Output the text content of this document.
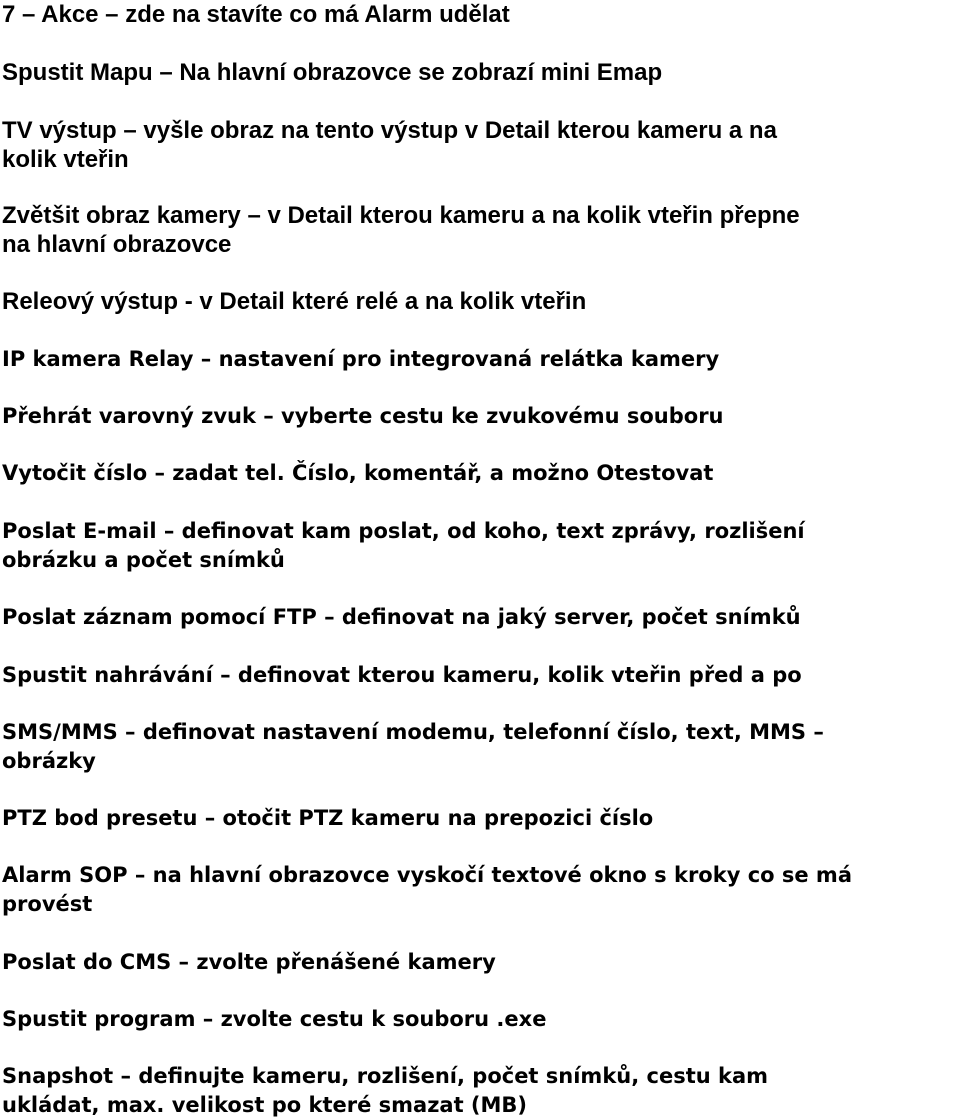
7 – Akce – zde na stavíte co má Alarm udělat

Spustit Mapu – Na hlavní obrazovce se zobrazí mini Emap

TV výstup – vyšle obraz na tento výstup v Detail kterou kameru a na
kolik vteřin

Zvětšit obraz kamery – v Detail kterou kameru a na kolik vteřin přepne
na hlavní obrazovce

Releový výstup - v Detail které relé a na kolik vteřin

IP kamera Relay – nastavení pro integrovaná relátka kamery

Přehrát varovný zvuk – vyberte cestu ke zvukovému souboru

Vytočit číslo – zadat tel. Číslo, komentář, a možno Otestovat

Poslat E-mail – definovat kam poslat, od koho, text zprávy, rozlišení
obrázku a počet snímků

Poslat záznam pomocí FTP – definovat na jaký server, počet snímků

Spustit nahrávání – definovat kterou kameru, kolik vteřin před a po

SMS/MMS – definovat nastavení modemu, telefonní číslo, text, MMS –
obrázky

PTZ bod presetu – otočit PTZ kameru na prepozici číslo

Alarm SOP – na hlavní obrazovce vyskočí textové okno s kroky co se má
provést

Poslat do CMS – zvolte přenášené kamery

Spustit program – zvolte cestu k souboru .exe

Snapshot – definujte kameru, rozlišení, počet snímků, cestu kam
ukládat, max. velikost po které smazat (MB)
